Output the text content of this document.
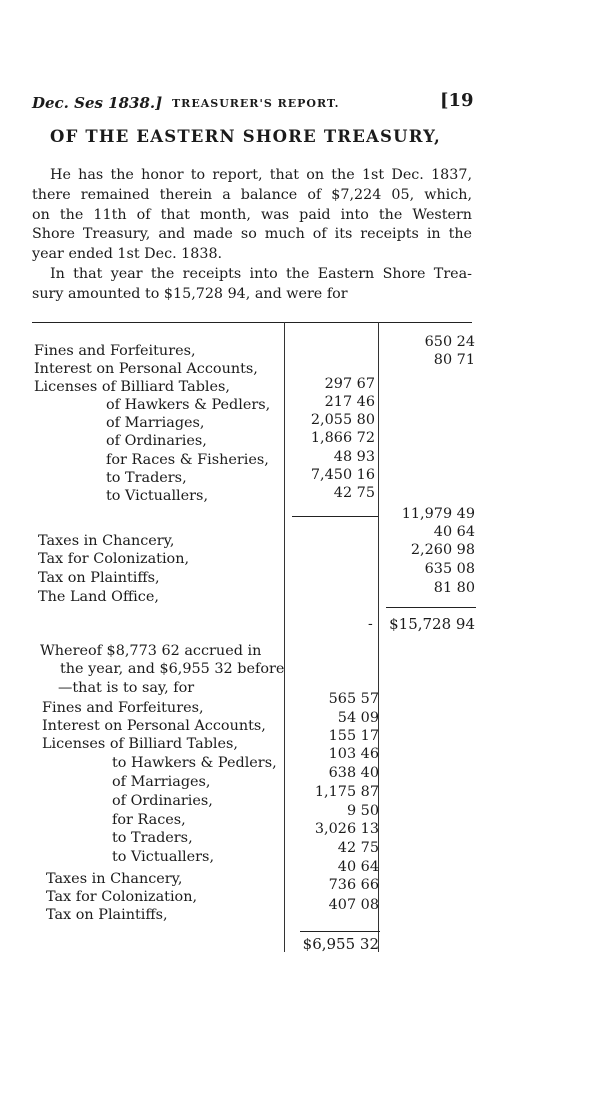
Dec. Ses 1838.] TREASURER'S REPORT.	[19
OF THE EASTERN SHORE TREASURY,
He has the honor to report, that on the 1st Dec. 1837,
there remained therein a balance of $7,224 05, which,
on the 11th of that month, was paid into the Western
Shore Treasury, and made so much of its receipts in the
year ended 1st Dec. 1838.
In that year the receipts into the Eastern Shore Trea-
sury amounted to $15,728 94, and were for
Fines and Forfeitures,
Interest on Personal Accounts,
Licenses of Billiard Tables,
of Hawkers & Pedlers,
of Marriages,
of Ordinaries,
for Races & Fisheries,
to Traders,
to Victuallers,
Taxes in Chancery,
Tax for Colonization,
Tax on Plaintiffs,
The Land Office,
297 67
217 46
2,055 80
1,866 72
48 93
7,450 16
42 75
650 24
80 71
11,979 49
40 64
2,260 98
635 08
81 80
- $15,728 94
Whereof $8,773 62 accrued in
the year, and $6,955 32 before
—that is to say, for
Fines and Forfeitures,
Interest on Personal Accounts,
Licenses of Billiard Tables,
to Hawkers & Pedlers,
of Marriages,
of Ordinaries,
for Races,
to Traders,
to Victuallers,
Taxes in Chancery,
Tax for Colonization,
Tax on Plaintiffs,
565 57
54 09
155 17
103 46
638 40
1,175 87
9 50
3,026 13
42 75
40 64
736 66
407 08
$6,955 32
